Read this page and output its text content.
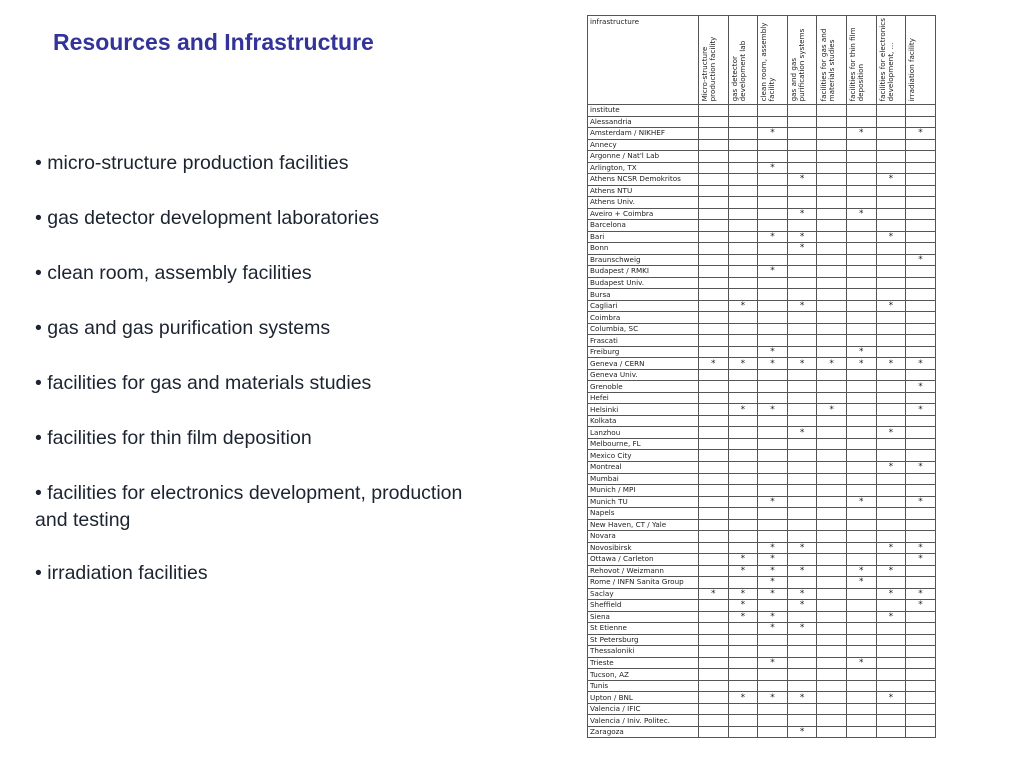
Resources and Infrastructure
• micro-structure production facilities
• gas detector development laboratories
• clean room, assembly facilities
• gas and gas purification systems
• facilities for gas and materials studies
• facilities for thin film deposition
• facilities for electronics development, production and testing
• irradiation facilities
infrastructure	Micro-structure production facility	gas detector development lab	clean room, assembly facility	gas and gas purification systems	facilities for gas and materials studies	facilities for thin film deposition	facilities for electronics development, ...	irradiation facility

institute								
Alessandria								
Amsterdam / NIKHEF			*			*		*
Annecy								
Argonne / Nat'l Lab								
Arlington, TX			*					
Athens NCSR Demokritos				*			*	
Athens NTU								
Athens Univ.								
Aveiro + Coimbra				*		*		
Barcelona								
Bari			*	*			*	
Bonn				*				
Braunschweig								*
Budapest / RMKI			*					
Budapest Univ.								
Bursa								
Cagliari		*		*			*	
Coimbra								
Columbia, SC								
Frascati								
Freiburg			*			*		
Geneva / CERN	*	*	*	*	*	*	*	*
Geneva Univ.								
Grenoble								*
Hefei								
Helsinki		*	*		*			*
Kolkata								
Lanzhou				*			*	
Melbourne, FL								
Mexico City								
Montreal							*	*
Mumbai								
Munich / MPI								
Munich TU			*			*		*
Napels								
New Haven, CT / Yale								
Novara								
Novosibirsk			*	*			*	*
Ottawa / Carleton		*	*					*
Rehovot / Weizmann		*	*	*		*	*	
Rome / INFN Sanita Group			*			*		
Saclay	*	*	*	*			*	*
Sheffield		*		*				*
Siena		*	*				*	
St Etienne			*	*				
St Petersburg								
Thessaloniki								
Trieste			*			*		
Tucson, AZ								
Tunis								
Upton / BNL		*	*	*			*	
Valencia / IFIC								
Valencia / Iniv. Politec.								
Zaragoza				*				
